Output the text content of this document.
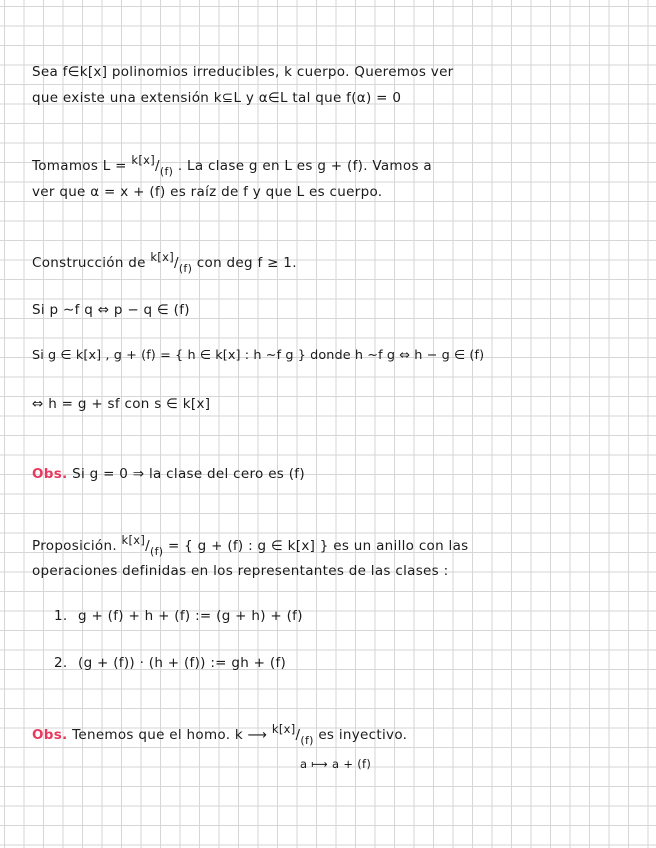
Sea f∈k[x] polinomios irreducibles, k cuerpo. Queremos ver
que existe una extensión k⊆L y α∈L tal que f(α) = 0
Tomamos $L = k[x]/_{(f)}$ . La clase g en L es g + (f). Vamos a
ver que α = x + (f) es raíz de f y que L es cuerpo.
Construcción de $k[x]/_{(f)}$ con deg f ≥ 1.
Si p ∼f q ⇔ p − q ∈ (f)
Si g ∈ k[x] , g + (f) = { h ∈ k[x] : h ∼f g } donde h ∼f g ⇔ h − g ∈ (f)
⇔ h = g + sf con s ∈ k[x]
Obs. Si g = 0 ⇒ la clase del cero es (f)
Proposición. $k[x]/_{(f)}$ = { g + (f) : g ∈ k[x] } es un anillo con las
operaciones definidas en los representantes de las clases :
1. g + (f) + h + (f) := (g + h) + (f)
2. (g + (f)) · (h + (f)) := gh + (f)
Obs. Tenemos que el homo. k ⟶ $k[x]/_{(f)}$ es inyectivo.
a ⟼ a + (f)
